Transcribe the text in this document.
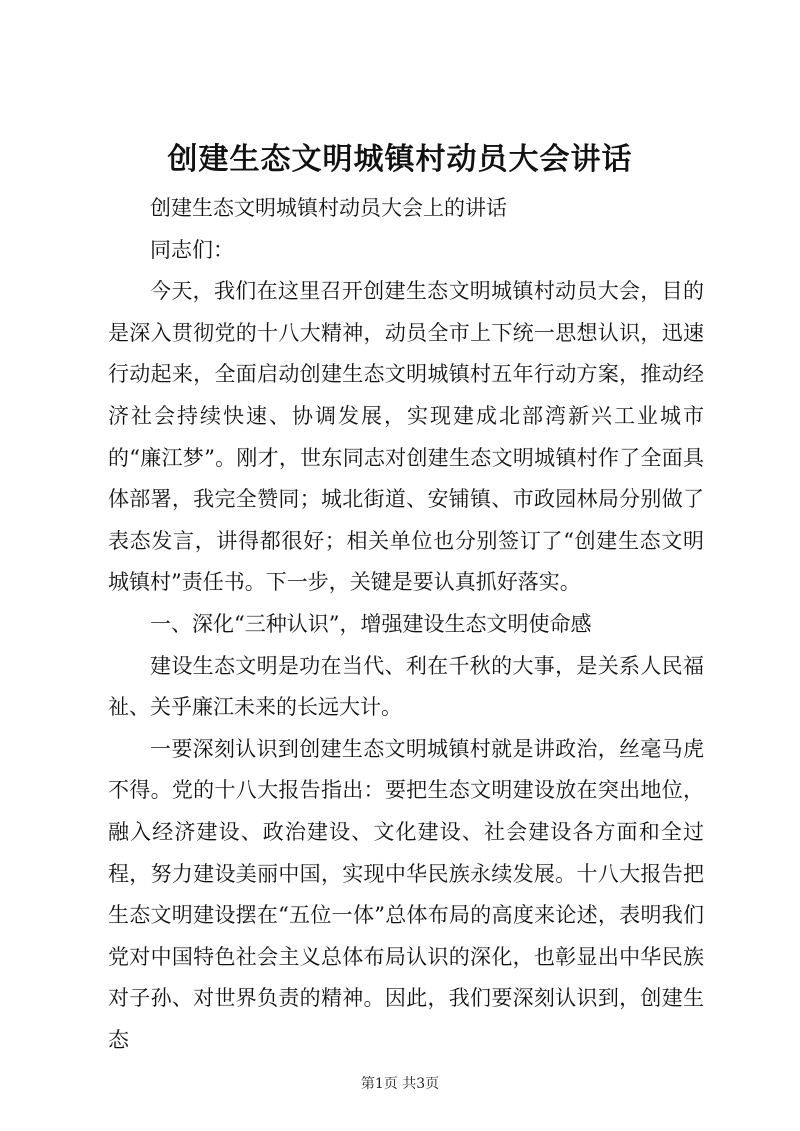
创建生态文明城镇村动员大会讲话

创建生态文明城镇村动员大会上的讲话

同志们：

今天，我们在这里召开创建生态文明城镇村动员大会，目的是深入贯彻党的十八大精神，动员全市上下统一思想认识，迅速行动起来，全面启动创建生态文明城镇村五年行动方案，推动经济社会持续快速、协调发展，实现建成北部湾新兴工业城市的“廉江梦”。刚才，世东同志对创建生态文明城镇村作了全面具体部署，我完全赞同；城北街道、安铺镇、市政园林局分别做了表态发言，讲得都很好；相关单位也分别签订了“创建生态文明城镇村”责任书。下一步，关键是要认真抓好落实。

一、深化“三种认识”，增强建设生态文明使命感

建设生态文明是功在当代、利在千秋的大事，是关系人民福祉、关乎廉江未来的长远大计。

一要深刻认识到创建生态文明城镇村就是讲政治，丝毫马虎不得。党的十八大报告指出：要把生态文明建设放在突出地位，融入经济建设、政治建设、文化建设、社会建设各方面和全过程，努力建设美丽中国，实现中华民族永续发展。十八大报告把生态文明建设摆在“五位一体”总体布局的高度来论述，表明我们党对中国特色社会主义总体布局认识的深化，也彰显出中华民族对子孙、对世界负责的精神。因此，我们要深刻认识到，创建生态

第1页 共3页
